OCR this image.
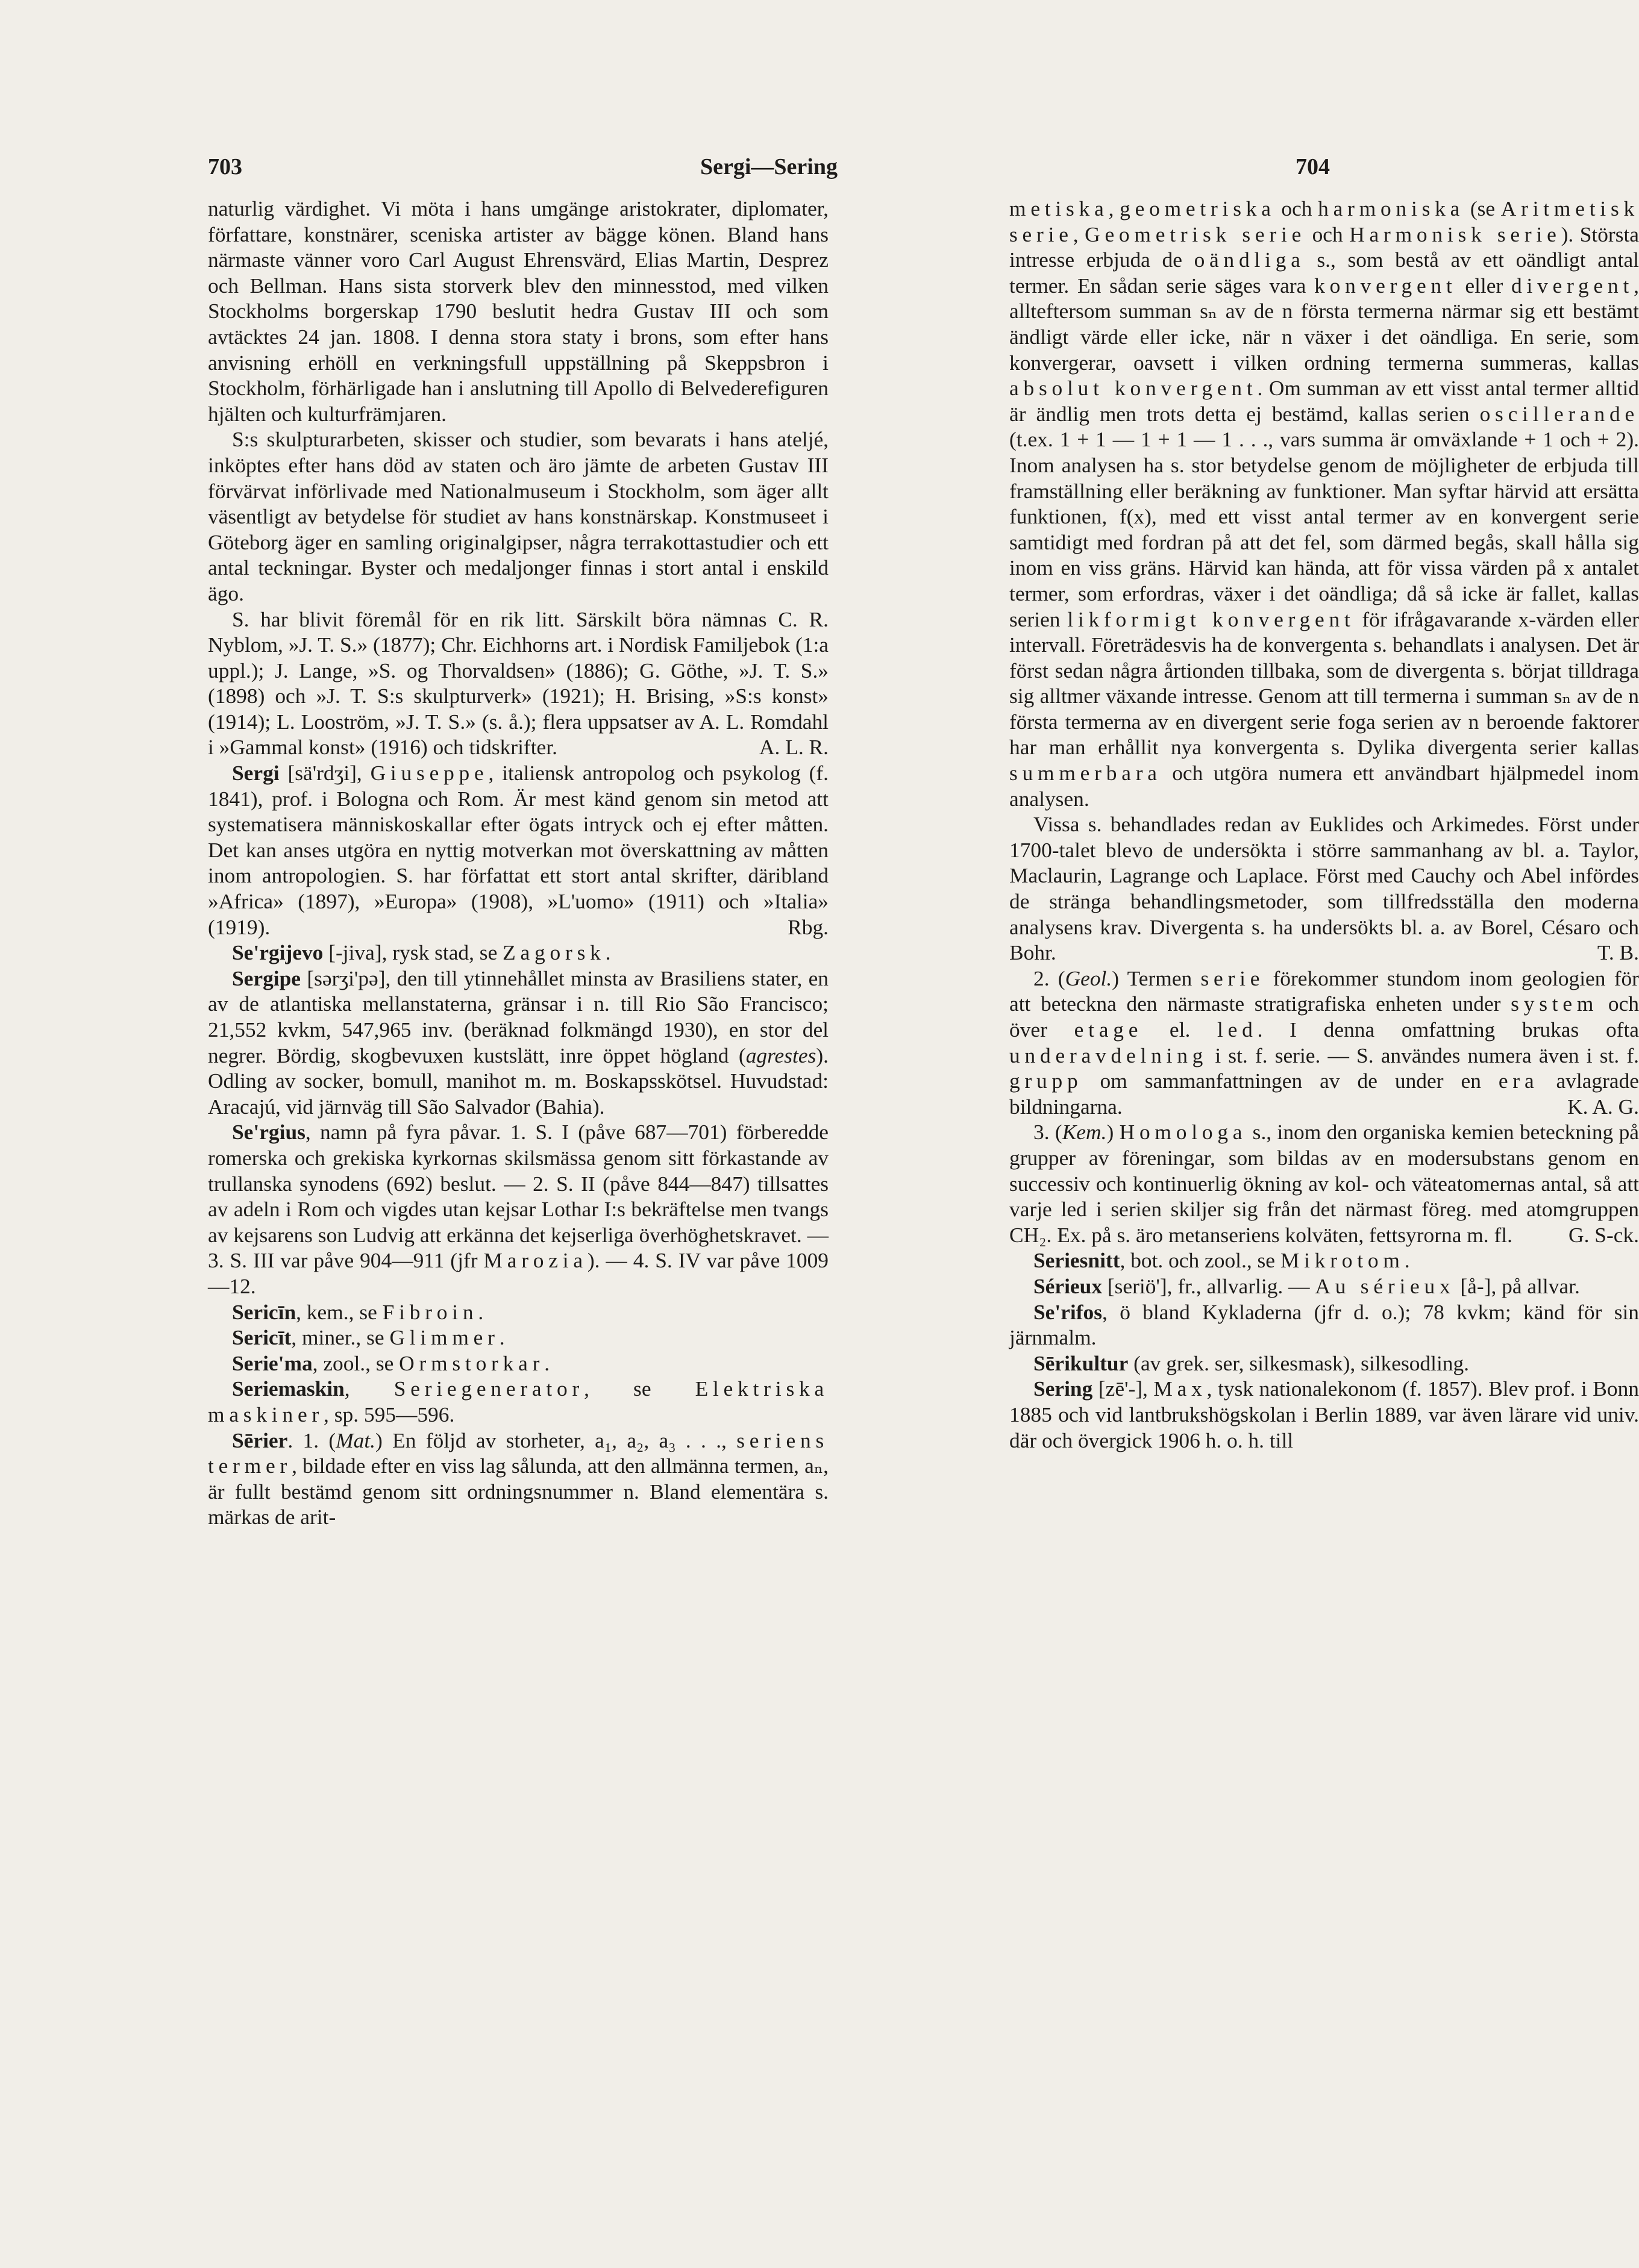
703	Sergi—Sering	704

naturlig värdighet. Vi möta i hans umgänge aristokrater, diplomater, författare, konstnärer, sceniska artister av bägge könen. Bland hans närmaste vänner voro Carl August Ehrensvärd, Elias Martin, Desprez och Bellman. Hans sista storverk blev den minnesstod, med vilken Stockholms borgerskap 1790 beslutit hedra Gustav III och som avtäcktes 24 jan. 1808. I denna stora staty i brons, som efter hans anvisning erhöll en verkningsfull uppställning på Skeppsbron i Stockholm, förhärligade han i anslutning till Apollo di Belvederefiguren hjälten och kulturfrämjaren.

S:s skulpturarbeten, skisser och studier, som bevarats i hans ateljé, inköptes efter hans död av staten och äro jämte de arbeten Gustav III förvärvat införlivade med Nationalmuseum i Stockholm, som äger allt väsentligt av betydelse för studiet av hans konstnärskap. Konstmuseet i Göteborg äger en samling originalgipser, några terrakottastudier och ett antal teckningar. Byster och medaljonger finnas i stort antal i enskild ägo.

S. har blivit föremål för en rik litt. Särskilt böra nämnas C. R. Nyblom, »J. T. S.» (1877); Chr. Eichhorns art. i Nordisk Familjebok (1:a uppl.); J. Lange, »S. og Thorvaldsen» (1886); G. Göthe, »J. T. S.» (1898) och »J. T. S:s skulpturverk» (1921); H. Brising, »S:s konst» (1914); L. Looström, »J. T. S.» (s. å.); flera uppsatser av A. L. Romdahl i »Gammal konst» (1916) och tidskrifter.	A. L. R.

Sergi [sä'rdʒi], Giuseppe, italiensk antropolog och psykolog (f. 1841), prof. i Bologna och Rom. Är mest känd genom sin metod att systematisera människoskallar efter ögats intryck och ej efter måtten. Det kan anses utgöra en nyttig motverkan mot överskattning av måtten inom antropologien. S. har författat ett stort antal skrifter, däribland »Africa» (1897), »Europa» (1908), »L'uomo» (1911) och »Italia» (1919).	Rbg.

Se'rgijevo [-jiva], rysk stad, se Zagorsk.

Sergipe [sərʒi'pə], den till ytinnehållet minsta av Brasiliens stater, en av de atlantiska mellanstaterna, gränsar i n. till Rio São Francisco; 21,552 kvkm, 547,965 inv. (beräknad folkmängd 1930), en stor del negrer. Bördig, skogbevuxen kustslätt, inre öppet högland (agrestes). Odling av socker, bomull, manihot m. m. Boskapsskötsel. Huvudstad: Aracajú, vid järnväg till São Salvador (Bahia).

Se'rgius, namn på fyra påvar. 1. S. I (påve 687—701) förberedde romerska och grekiska kyrkornas skilsmässa genom sitt förkastande av trullanska synodens (692) beslut. — 2. S. II (påve 844—847) tillsattes av adeln i Rom och vigdes utan kejsar Lothar I:s bekräftelse men tvangs av kejsarens son Ludvig att erkänna det kejserliga överhöghetskravet. — 3. S. III var påve 904—911 (jfr Marozia). — 4. S. IV var påve 1009—12.

Sericīn, kem., se Fibroin.

Sericīt, miner., se Glimmer.

Serie'ma, zool., se Ormstorkar.

Seriemaskin, Seriegenerator, se Elektriska maskiner, sp. 595—596.

Sērier. 1. (Mat.) En följd av storheter, a₁, a₂, a₃ . . ., seriens termer, bildade efter en viss lag sålunda, att den allmänna termen, aₙ, är fullt bestämd genom sitt ordningsnummer n. Bland elementära s. märkas de arit-

metiska, geometriska och harmoniska (se Aritmetisk serie, Geometrisk serie och Harmonisk serie). Största intresse erbjuda de oändliga s., som bestå av ett oändligt antal termer. En sådan serie säges vara konvergent eller divergent, allteftersom summan sₙ av de n första termerna närmar sig ett bestämt ändligt värde eller icke, när n växer i det oändliga. En serie, som konvergerar, oavsett i vilken ordning termerna summeras, kallas absolut konvergent. Om summan av ett visst antal termer alltid är ändlig men trots detta ej bestämd, kallas serien oscillerande (t.ex. 1 + 1 — 1 + 1 — 1 . . ., vars summa är omväxlande + 1 och + 2). Inom analysen ha s. stor betydelse genom de möjligheter de erbjuda till framställning eller beräkning av funktioner. Man syftar härvid att ersätta funktionen, f(x), med ett visst antal termer av en konvergent serie samtidigt med fordran på att det fel, som därmed begås, skall hålla sig inom en viss gräns. Härvid kan hända, att för vissa värden på x antalet termer, som erfordras, växer i det oändliga; då så icke är fallet, kallas serien likformigt konvergent för ifrågavarande x-värden eller intervall. Företrädesvis ha de konvergenta s. behandlats i analysen. Det är först sedan några årtionden tillbaka, som de divergenta s. börjat tilldraga sig alltmer växande intresse. Genom att till termerna i summan sₙ av de n första termerna av en divergent serie foga serien av n beroende faktorer har man erhållit nya konvergenta s. Dylika divergenta serier kallas summerbara och utgöra numera ett användbart hjälpmedel inom analysen.

Vissa s. behandlades redan av Euklides och Arkimedes. Först under 1700-talet blevo de undersökta i större sammanhang av bl. a. Taylor, Maclaurin, Lagrange och Laplace. Först med Cauchy och Abel infördes de stränga behandlingsmetoder, som tillfredsställa den moderna analysens krav. Divergenta s. ha undersökts bl. a. av Borel, Césaro och Bohr.	T. B.

2. (Geol.) Termen serie förekommer stundom inom geologien för att beteckna den närmaste stratigrafiska enheten under system och över etage el. led. I denna omfattning brukas ofta underavdelning i st. f. serie. — S. användes numera även i st. f. grupp om sammanfattningen av de under en era avlagrade bildningarna.	K. A. G.

3. (Kem.) Homologa s., inom den organiska kemien beteckning på grupper av föreningar, som bildas av en modersubstans genom en successiv och kontinuerlig ökning av kol- och väteatomernas antal, så att varje led i serien skiljer sig från det närmast föreg. med atomgruppen CH₂. Ex. på s. äro metanseriens kolväten, fettsyrorna m. fl.	G. S-ck.

Seriesnitt, bot. och zool., se Mikrotom.

Sérieux [seriö'], fr., allvarlig. — Au sérieux [å-], på allvar.

Se'rifos, ö bland Kykladerna (jfr d. o.); 78 kvkm; känd för sin järnmalm.

Sērikultur (av grek. ser, silkesmask), silkesodling.

Sering [zē'-], Max, tysk nationalekonom (f. 1857). Blev prof. i Bonn 1885 och vid lantbrukshögskolan i Berlin 1889, var även lärare vid univ. där och övergick 1906 h. o. h. till
